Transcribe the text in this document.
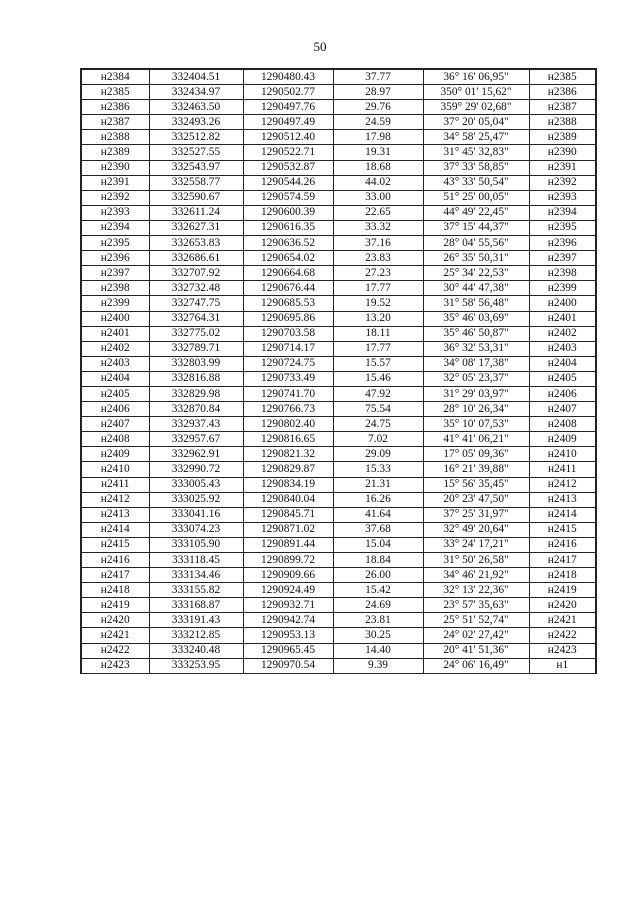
50
н2384	332404.51	1290480.43	37.77	36° 16' 06,95"	н2385
н2385	332434.97	1290502.77	28.97	350° 01' 15,62"	н2386
н2386	332463.50	1290497.76	29.76	359° 29' 02,68"	н2387
н2387	332493.26	1290497.49	24.59	37° 20' 05,04"	н2388
н2388	332512.82	1290512.40	17.98	34° 58' 25,47"	н2389
н2389	332527.55	1290522.71	19.31	31° 45' 32,83"	н2390
н2390	332543.97	1290532.87	18.68	37° 33' 58,85"	н2391
н2391	332558.77	1290544.26	44.02	43° 33' 50,54"	н2392
н2392	332590.67	1290574.59	33.00	51° 25' 00,05"	н2393
н2393	332611.24	1290600.39	22.65	44° 49' 22,45"	н2394
н2394	332627.31	1290616.35	33.32	37° 15' 44,37"	н2395
н2395	332653.83	1290636.52	37.16	28° 04' 55,56"	н2396
н2396	332686.61	1290654.02	23.83	26° 35' 50,31"	н2397
н2397	332707.92	1290664.68	27.23	25° 34' 22,53"	н2398
н2398	332732.48	1290676.44	17.77	30° 44' 47,38"	н2399
н2399	332747.75	1290685.53	19.52	31° 58' 56,48"	н2400
н2400	332764.31	1290695.86	13.20	35° 46' 03,69"	н2401
н2401	332775.02	1290703.58	18.11	35° 46' 50,87"	н2402
н2402	332789.71	1290714.17	17.77	36° 32' 53,31"	н2403
н2403	332803.99	1290724.75	15.57	34° 08' 17,38"	н2404
н2404	332816.88	1290733.49	15.46	32° 05' 23,37"	н2405
н2405	332829.98	1290741.70	47.92	31° 29' 03,97"	н2406
н2406	332870.84	1290766.73	75.54	28° 10' 26,34"	н2407
н2407	332937.43	1290802.40	24.75	35° 10' 07,53"	н2408
н2408	332957.67	1290816.65	7.02	41° 41' 06,21"	н2409
н2409	332962.91	1290821.32	29.09	17° 05' 09,36"	н2410
н2410	332990.72	1290829.87	15.33	16° 21' 39,88"	н2411
н2411	333005.43	1290834.19	21.31	15° 56' 35,45"	н2412
н2412	333025.92	1290840.04	16.26	20° 23' 47,50"	н2413
н2413	333041.16	1290845.71	41.64	37° 25' 31,97"	н2414
н2414	333074.23	1290871.02	37.68	32° 49' 20,64"	н2415
н2415	333105.90	1290891.44	15.04	33° 24' 17,21"	н2416
н2416	333118.45	1290899.72	18.84	31° 50' 26,58"	н2417
н2417	333134.46	1290909.66	26.00	34° 46' 21,92"	н2418
н2418	333155.82	1290924.49	15.42	32° 13' 22,36"	н2419
н2419	333168.87	1290932.71	24.69	23° 57' 35,63"	н2420
н2420	333191.43	1290942.74	23.81	25° 51' 52,74"	н2421
н2421	333212.85	1290953.13	30.25	24° 02' 27,42"	н2422
н2422	333240.48	1290965.45	14.40	20° 41' 51,36"	н2423
н2423	333253.95	1290970.54	9.39	24° 06' 16,49"	н1
